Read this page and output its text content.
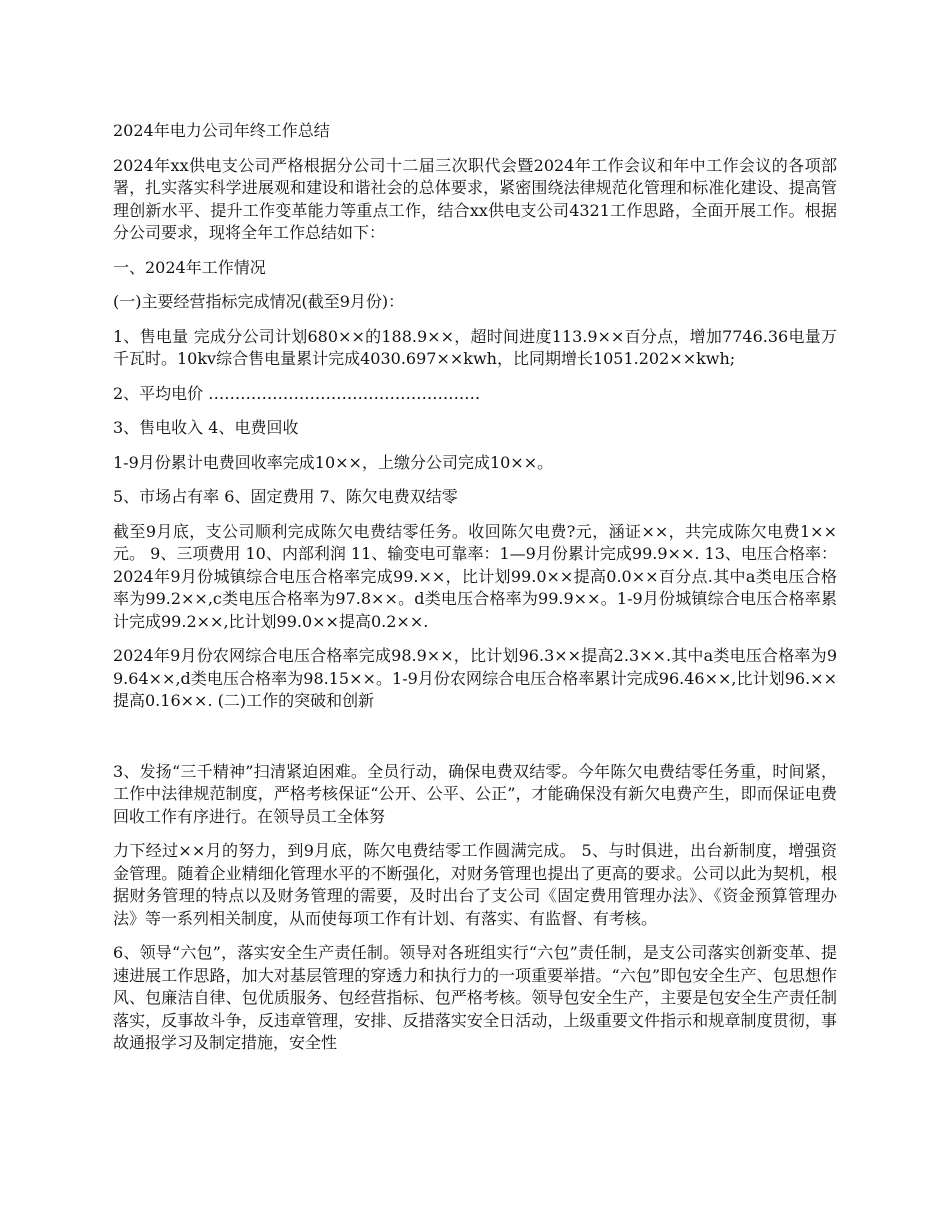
2024年电力公司年终工作总结

2024年xx供电支公司严格根据分公司十二届三次职代会暨2024年工作会议和年中工作会议的各项部署，扎实落实科学进展观和建设和谐社会的总体要求，紧密围绕法律规范化管理和标准化建设、提高管理创新水平、提升工作变革能力等重点工作，结合xx供电支公司4321工作思路，全面开展工作。根据分公司要求，现将全年工作总结如下：

一、2024年工作情况

(一)主要经营指标完成情况(截至9月份)：

1、售电量 完成分公司计划680××的188.9××，超时间进度113.9××百分点，增加7746.36电量万千瓦时。10kv综合售电量累计完成4030.697××kwh，比同期增长1051.202××kwh;

2、平均电价 ……………………………………………

3、售电收入 4、电费回收

1-9月份累计电费回收率完成10××，上缴分公司完成10××。

5、市场占有率 6、固定费用 7、陈欠电费双结零

截至9月底，支公司顺利完成陈欠电费结零任务。收回陈欠电费?元，涵证××，共完成陈欠电费1××元。 9、三项费用 10、内部利润 11、输变电可靠率：1—9月份累计完成99.9××. 13、电压合格率：2024年9月份城镇综合电压合格率完成99.××，比计划99.0××提高0.0××百分点.其中a类电压合格率为99.2××,c类电压合格率为97.8××。d类电压合格率为99.9××。1-9月份城镇综合电压合格率累计完成99.2××,比计划99.0××提高0.2××.

2024年9月份农网综合电压合格率完成98.9××，比计划96.3××提高2.3××.其中a类电压合格率为99.64××,d类电压合格率为98.15××。1-9月份农网综合电压合格率累计完成96.46××,比计划96.××提高0.16××. (二)工作的突破和创新

3、发扬“三千精神”扫清紧迫困难。全员行动，确保电费双结零。今年陈欠电费结零任务重，时间紧，工作中法律规范制度，严格考核保证“公开、公平、公正”，才能确保没有新欠电费产生，即而保证电费回收工作有序进行。在领导员工全体努

力下经过××月的努力，到9月底，陈欠电费结零工作圆满完成。 5、与时俱进，出台新制度，增强资金管理。随着企业精细化管理水平的不断强化，对财务管理也提出了更高的要求。公司以此为契机，根据财务管理的特点以及财务管理的需要，及时出台了支公司《固定费用管理办法》、《资金预算管理办法》等一系列相关制度，从而使每项工作有计划、有落实、有监督、有考核。

6、领导“六包”，落实安全生产责任制。领导对各班组实行“六包”责任制，是支公司落实创新变革、提速进展工作思路，加大对基层管理的穿透力和执行力的一项重要举措。“六包”即包安全生产、包思想作风、包廉洁自律、包优质服务、包经营指标、包严格考核。领导包安全生产，主要是包安全生产责任制落实，反事故斗争，反违章管理，安排、反措落实安全日活动，上级重要文件指示和规章制度贯彻，事故通报学习及制定措施，安全性
